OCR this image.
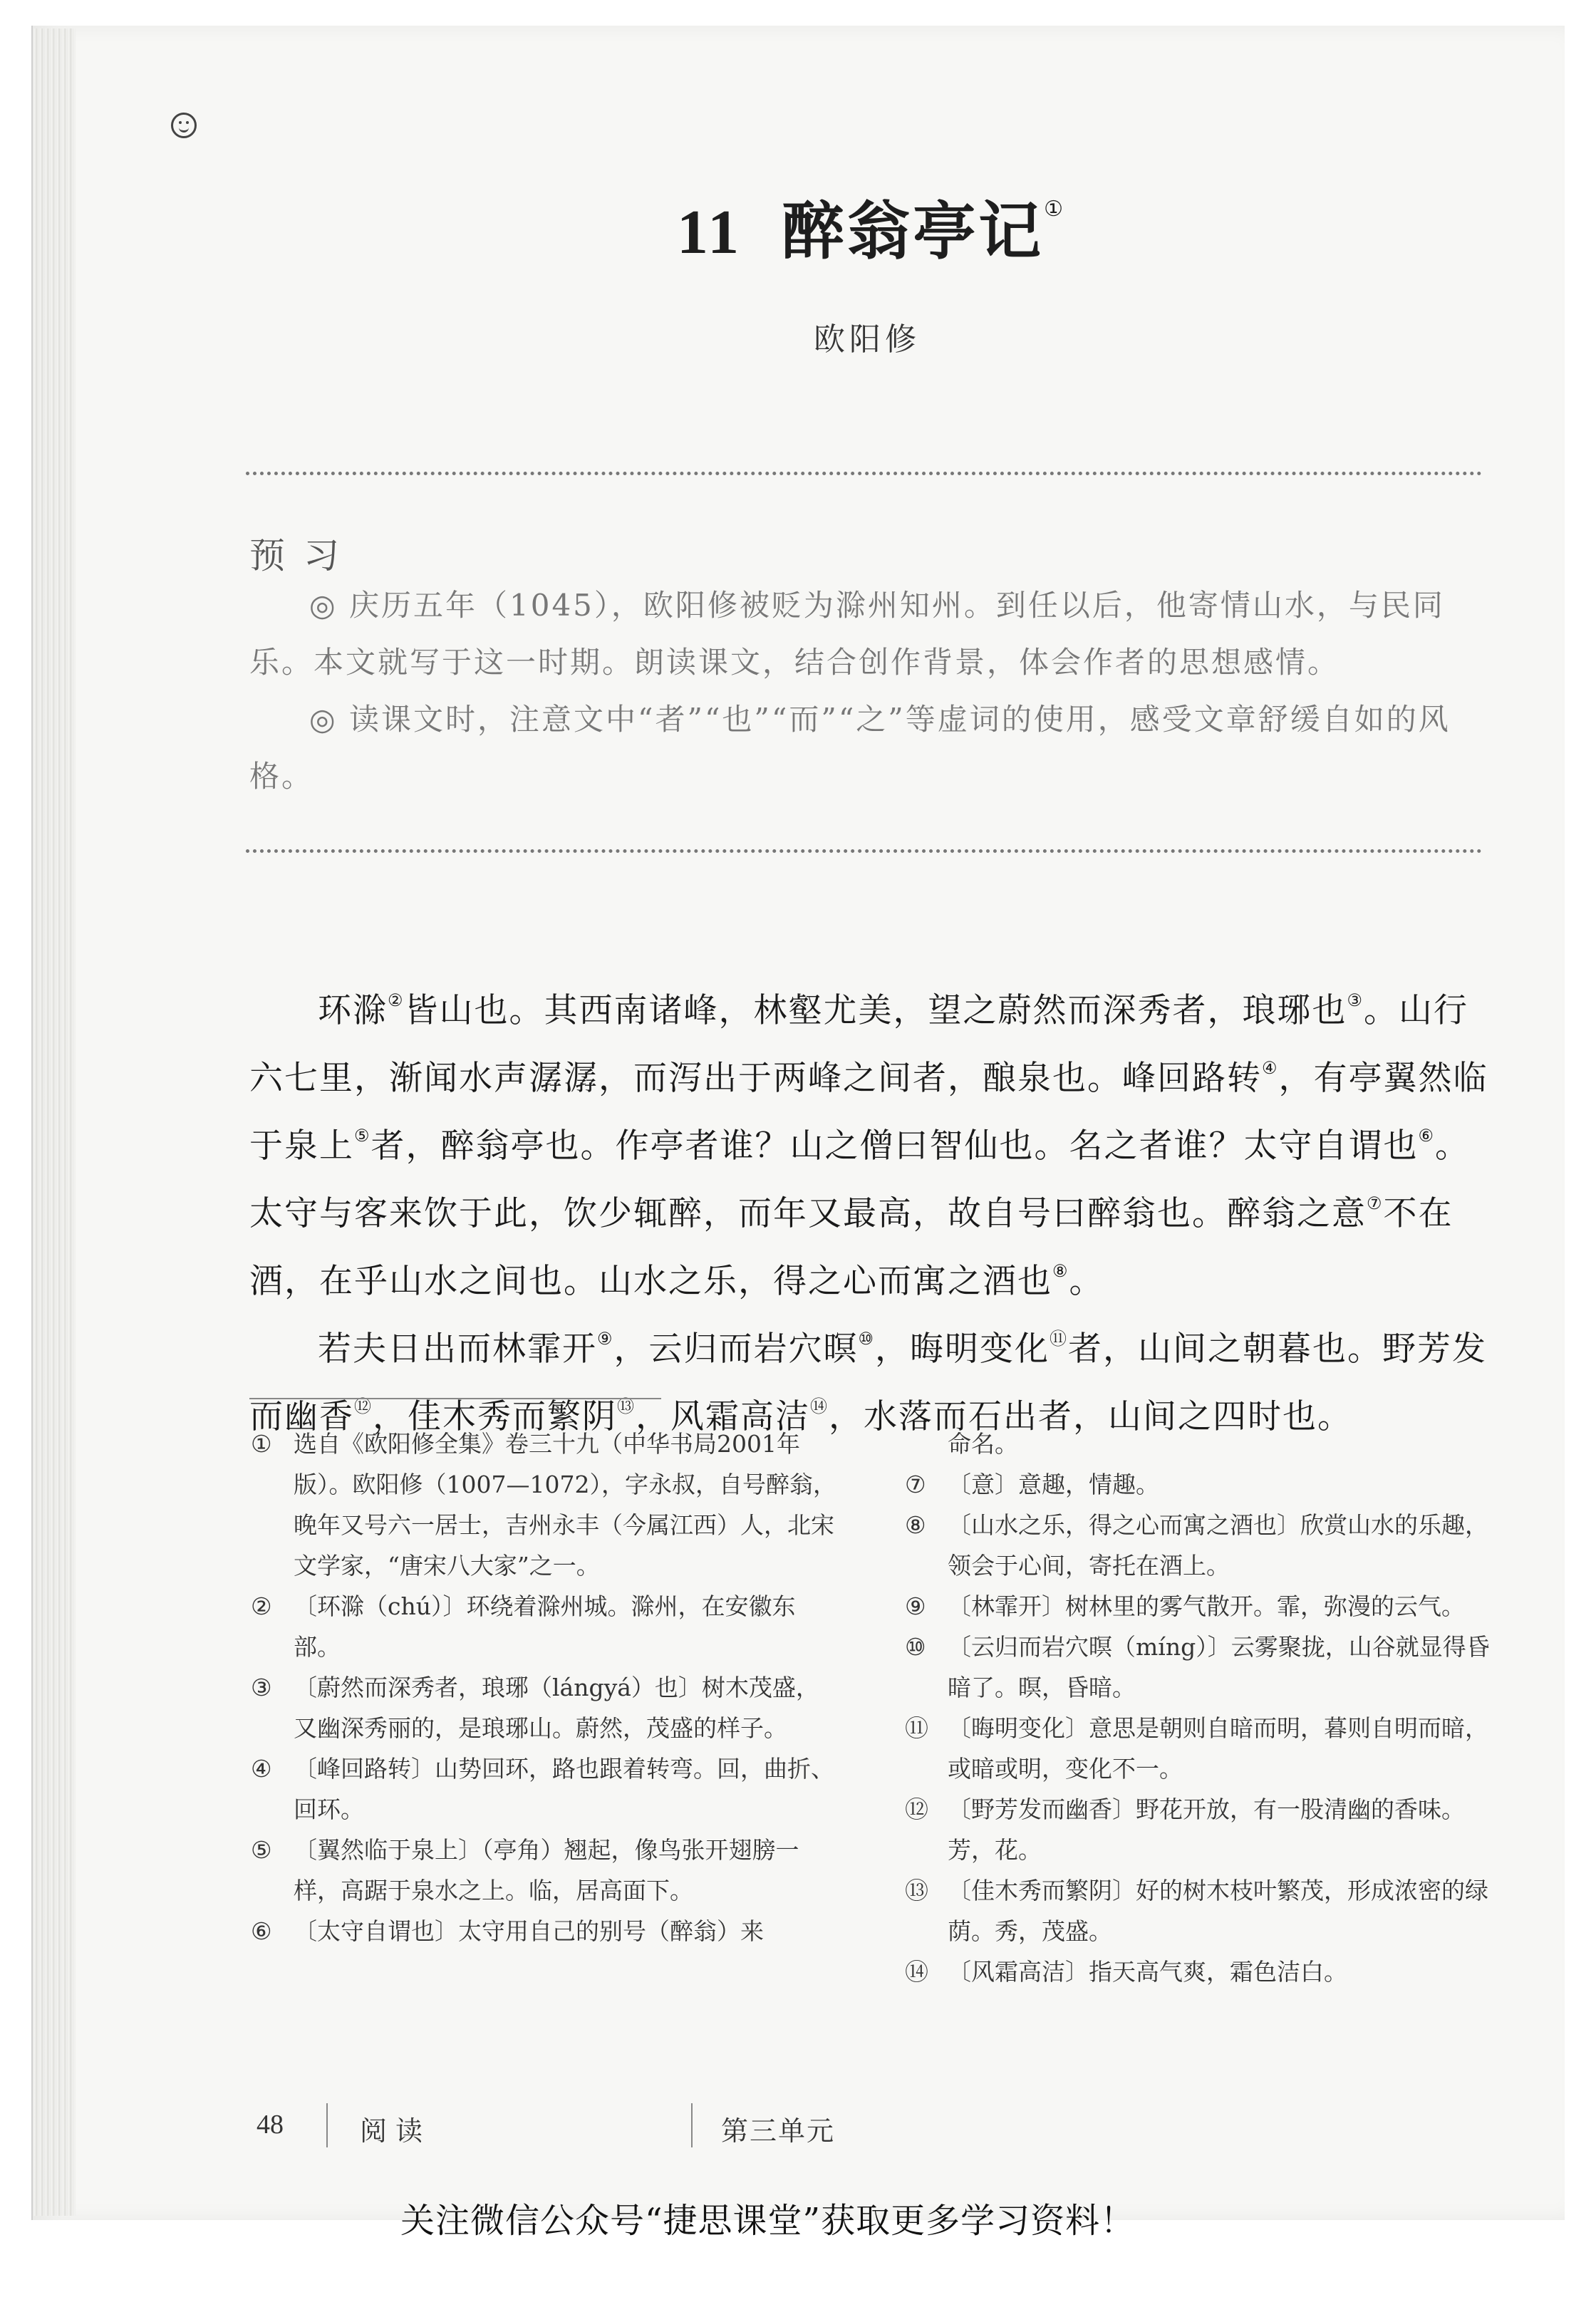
11 醉翁亭记①
欧阳修
预习

◎ 庆历五年（1045），欧阳修被贬为滁州知州。到任以后，他寄情山水，与民同乐。本文就写于这一时期。朗读课文，结合创作背景，体会作者的思想感情。

◎ 读课文时，注意文中“者”“也”“而”“之”等虚词的使用，感受文章舒缓自如的风格。

环滁②皆山也。其西南诸峰，林壑尤美，望之蔚然而深秀者，琅琊也③。山行六七里，渐闻水声潺潺，而泻出于两峰之间者，酿泉也。峰回路转④，有亭翼然临于泉上⑤者，醉翁亭也。作亭者谁？山之僧曰智仙也。名之者谁？太守自谓也⑥。太守与客来饮于此，饮少辄醉，而年又最高，故自号曰醉翁也。醉翁之意⑦不在酒，在乎山水之间也。山水之乐，得之心而寓之酒也⑧。

若夫日出而林霏开⑨，云归而岩穴暝⑩，晦明变化⑪者，山间之朝暮也。野芳发而幽香⑫，佳木秀而繁阴⑬，风霜高洁⑭，水落而石出者，山间之四时也。

① 选自《欧阳修全集》卷三十九（中华书局2001年版）。欧阳修（1007—1072），字永叔，自号醉翁，晚年又号六一居士，吉州永丰（今属江西）人，北宋文学家，“唐宋八大家”之一。

② 〔环滁（chú）〕环绕着滁州城。滁州，在安徽东部。

③ 〔蔚然而深秀者，琅琊（lángyá）也〕树木茂盛，又幽深秀丽的，是琅琊山。蔚然，茂盛的样子。

④ 〔峰回路转〕山势回环，路也跟着转弯。回，曲折、回环。

⑤ 〔翼然临于泉上〕（亭角）翘起，像鸟张开翅膀一样，高踞于泉水之上。临，居高面下。

⑥ 〔太守自谓也〕太守用自己的别号（醉翁）来

命名。

⑦ 〔意〕意趣，情趣。

⑧ 〔山水之乐，得之心而寓之酒也〕欣赏山水的乐趣，领会于心间，寄托在酒上。

⑨ 〔林霏开〕树林里的雾气散开。霏，弥漫的云气。

⑩ 〔云归而岩穴暝（míng）〕云雾聚拢，山谷就显得昏暗了。暝，昏暗。

⑪ 〔晦明变化〕意思是朝则自暗而明，暮则自明而暗，或暗或明，变化不一。

⑫ 〔野芳发而幽香〕野花开放，有一股清幽的香味。芳，花。

⑬ 〔佳木秀而繁阴〕好的树木枝叶繁茂，形成浓密的绿荫。秀，茂盛。

⑭ 〔风霜高洁〕指天高气爽，霜色洁白。

48	阅读	第三单元
关注微信公众号“捷思课堂”获取更多学习资料！
